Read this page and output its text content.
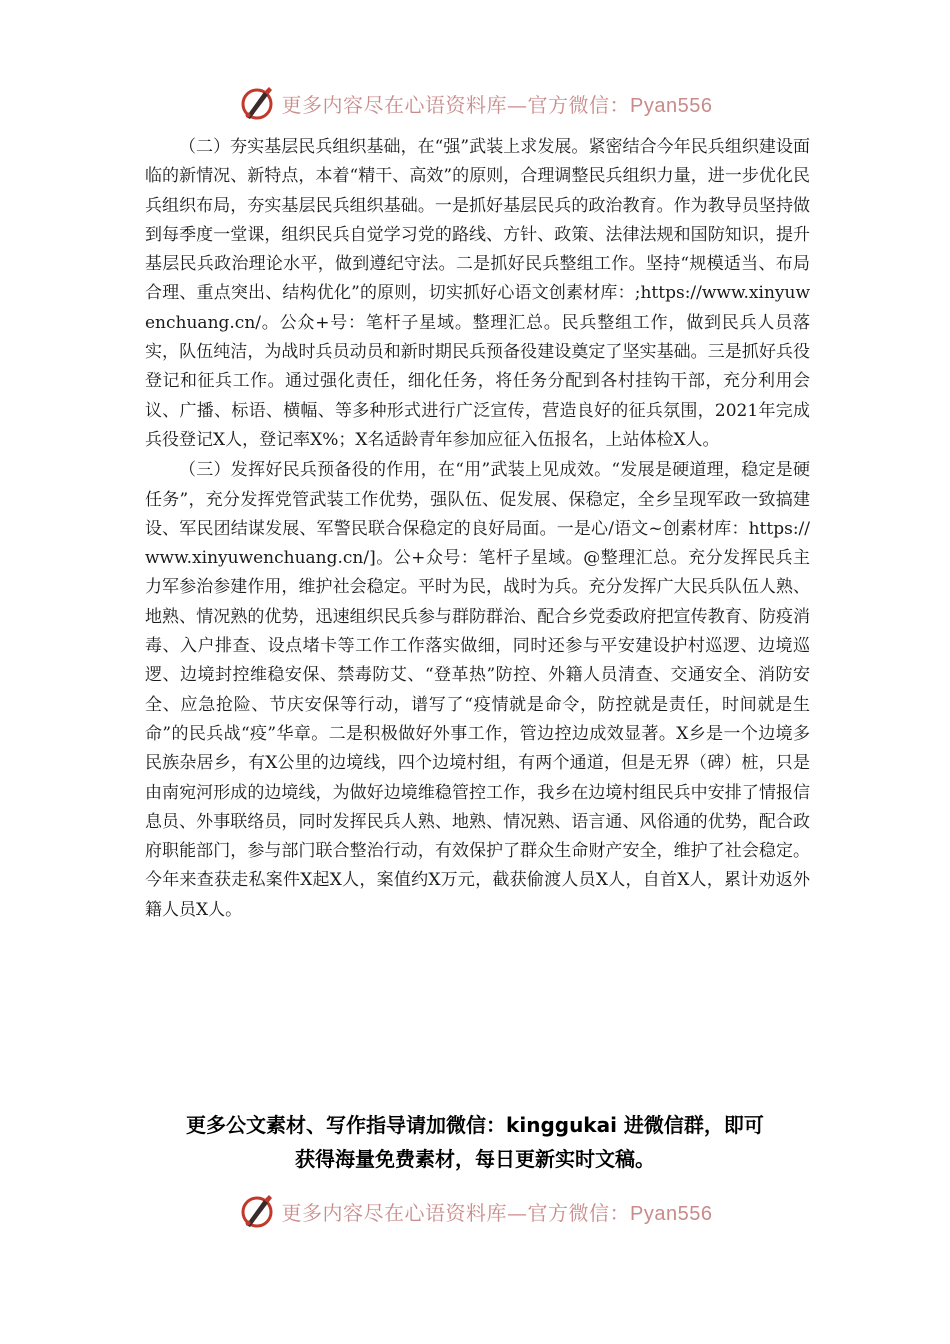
更多内容尽在心语资料库—官方微信：Pyan556

（二）夯实基层民兵组织基础，在“强”武装上求发展。紧密结合今年民兵组织建设面临的新情况、新特点，本着“精干、高效”的原则，合理调整民兵组织力量，进一步优化民兵组织布局，夯实基层民兵组织基础。一是抓好基层民兵的政治教育。作为教导员坚持做到每季度一堂课，组织民兵自觉学习党的路线、方针、政策、法律法规和国防知识，提升基层民兵政治理论水平，做到遵纪守法。二是抓好民兵整组工作。坚持“规模适当、布局合理、重点突出、结构优化”的原则，切实抓好心语文创素材库：;https://www.xinyuwenchuang.cn/。公众+号：笔杆子星域。整理汇总。民兵整组工作，做到民兵人员落实，队伍纯洁，为战时兵员动员和新时期民兵预备役建设奠定了坚实基础。三是抓好兵役登记和征兵工作。通过强化责任，细化任务，将任务分配到各村挂钩干部，充分利用会议、广播、标语、横幅、等多种形式进行广泛宣传，营造良好的征兵氛围，2021年完成兵役登记X人，登记率X%；X名适龄青年参加应征入伍报名，上站体检X人。

（三）发挥好民兵预备役的作用，在“用”武装上见成效。“发展是硬道理，稳定是硬任务”，充分发挥党管武装工作优势，强队伍、促发展、保稳定，全乡呈现军政一致搞建设、军民团结谋发展、军警民联合保稳定的良好局面。一是心/语文~创素材库：https://www.xinyuwenchuang.cn/]。公+众号：笔杆子星域。@整理汇总。充分发挥民兵主力军参治参建作用，维护社会稳定。平时为民，战时为兵。充分发挥广大民兵队伍人熟、地熟、情况熟的优势，迅速组织民兵参与群防群治、配合乡党委政府把宣传教育、防疫消毒、入户排查、设点堵卡等工作工作落实做细，同时还参与平安建设护村巡逻、边境巡逻、边境封控维稳安保、禁毒防艾、“登革热”防控、外籍人员清查、交通安全、消防安全、应急抢险、节庆安保等行动，谱写了“疫情就是命令，防控就是责任，时间就是生命”的民兵战“疫”华章。二是积极做好外事工作，管边控边成效显著。X乡是一个边境多民族杂居乡，有X公里的边境线，四个边境村组，有两个通道，但是无界（碑）桩，只是由南宛河形成的边境线，为做好边境维稳管控工作，我乡在边境村组民兵中安排了情报信息员、外事联络员，同时发挥民兵人熟、地熟、情况熟、语言通、风俗通的优势，配合政府职能部门，参与部门联合整治行动，有效保护了群众生命财产安全，维护了社会稳定。今年来查获走私案件X起X人，案值约X万元，截获偷渡人员X人，自首X人，累计劝返外籍人员X人。

更多公文素材、写作指导请加微信：kinggukai 进微信群，即可
获得海量免费素材，每日更新实时文稿。
更多内容尽在心语资料库—官方微信：Pyan556
